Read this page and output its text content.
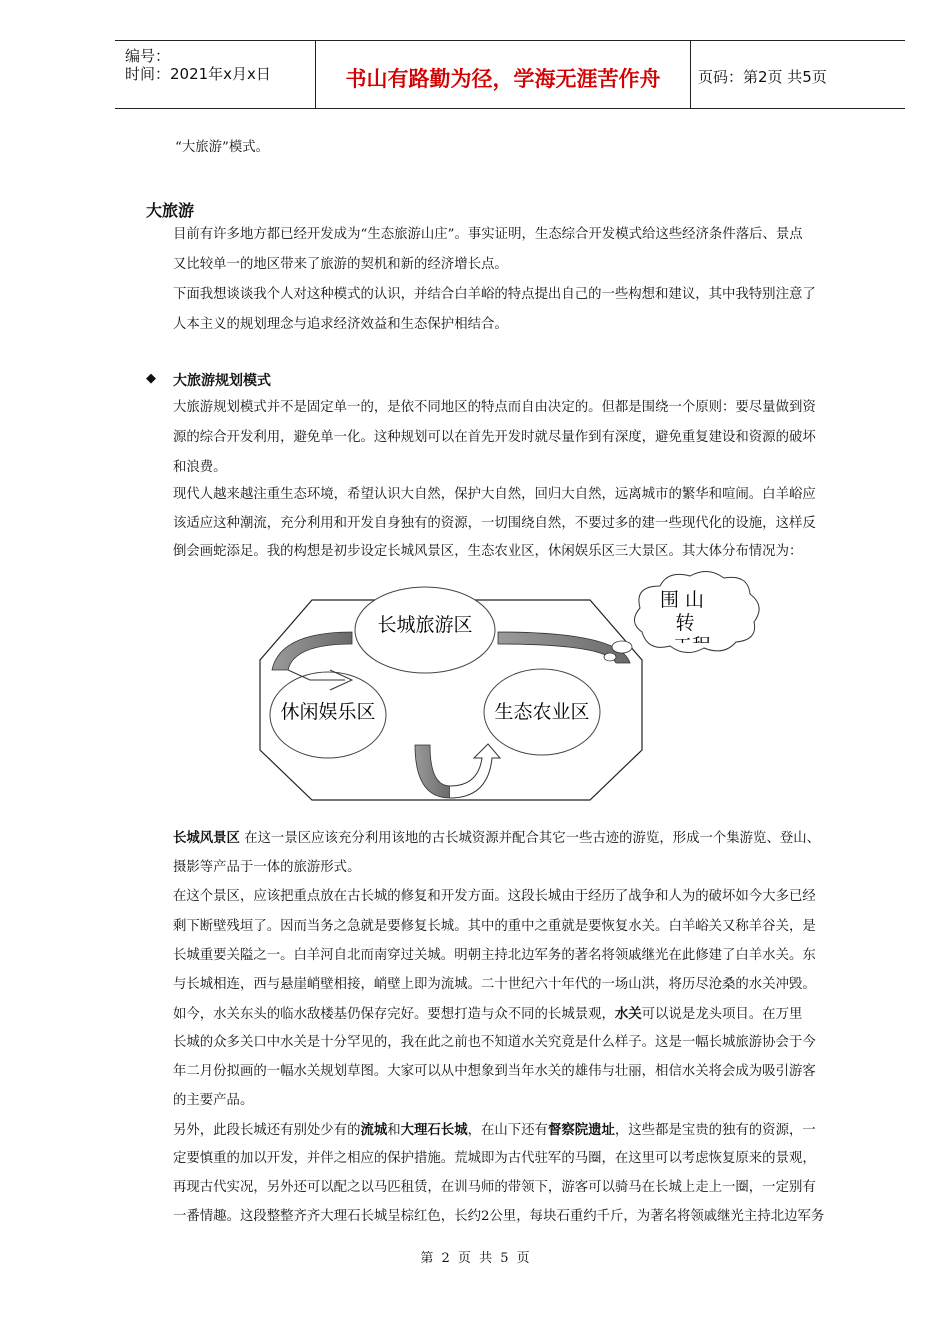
编号：
时间：2021年x月x日	书山有路勤为径，学海无涯苦作舟	页码：第2页 共5页
“大旅游”模式。
大旅游
目前有许多地方都已经开发成为“生态旅游山庄”。事实证明，生态综合开发模式给这些经济条件落后、景点
又比较单一的地区带来了旅游的契机和新的经济增长点。
下面我想谈谈我个人对这种模式的认识，并结合白羊峪的特点提出自己的一些构想和建议，其中我特别注意了
人本主义的规划理念与追求经济效益和生态保护相结合。
◆ 大旅游规划模式
大旅游规划模式并不是固定单一的，是依不同地区的特点而自由决定的。但都是围绕一个原则：要尽量做到资
源的综合开发利用，避免单一化。这种规划可以在首先开发时就尽量作到有深度，避免重复建设和资源的破坏
和浪费。
现代人越来越注重生态环境，希望认识大自然，保护大自然，回归大自然，远离城市的繁华和喧闹。白羊峪应
该适应这种潮流，充分利用和开发自身独有的资源，一切围绕自然，不要过多的建一些现代化的设施，这样反
倒会画蛇添足。我的构想是初步设定长城风景区，生态农业区，休闲娱乐区三大景区。其大体分布情况为：
长城旅游区
休闲娱乐区	生态农业区
围 山
转
长城风景区 在这一景区应该充分利用该地的古长城资源并配合其它一些古迹的游览，形成一个集游览、登山、
摄影等产品于一体的旅游形式。
在这个景区，应该把重点放在古长城的修复和开发方面。这段长城由于经历了战争和人为的破坏如今大多已经
剩下断壁残垣了。因而当务之急就是要修复长城。其中的重中之重就是要恢复水关。白羊峪关又称羊谷关，是
长城重要关隘之一。白羊河自北而南穿过关城。明朝主持北边军务的著名将领戚继光在此修建了白羊水关。东
与长城相连，西与悬崖峭壁相接，峭壁上即为流城。二十世纪六十年代的一场山洪，将历尽沧桑的水关冲毁。
如今，水关东头的临水敌楼基仍保存完好。要想打造与众不同的长城景观，水关可以说是龙头项目。在万里
长城的众多关口中水关是十分罕见的，我在此之前也不知道水关究竟是什么样子。这是一幅长城旅游协会于今
年二月份拟画的一幅水关规划草图。大家可以从中想象到当年水关的雄伟与壮丽，相信水关将会成为吸引游客
的主要产品。
另外，此段长城还有别处少有的流城和大理石长城，在山下还有督察院遗址，这些都是宝贵的独有的资源，一
定要慎重的加以开发，并伴之相应的保护措施。荒城即为古代驻军的马圈，在这里可以考虑恢复原来的景观，
再现古代实况，另外还可以配之以马匹租赁，在训马师的带领下，游客可以骑马在长城上走上一圈，一定别有
一番情趣。这段整整齐齐大理石长城呈棕红色，长约2公里，每块石重约千斤，为著名将领戚继光主持北边军务
第 2 页 共 5 页
